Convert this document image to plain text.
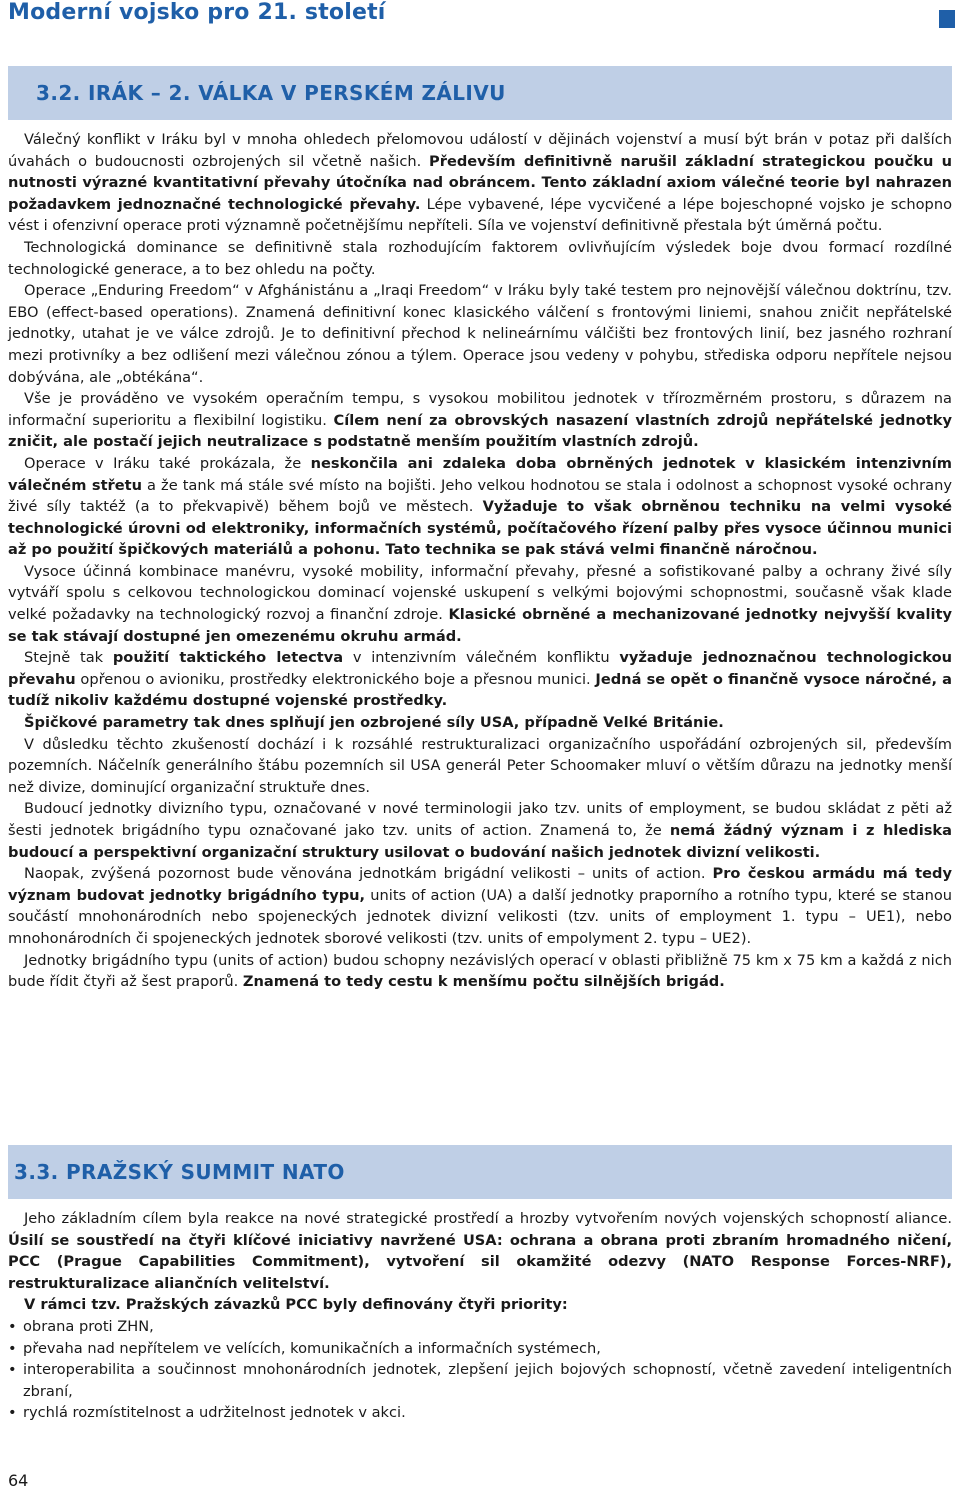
Moderní vojsko pro 21. století
3.2. IRÁK – 2. VÁLKA V PERSKÉM ZÁLIVU

Válečný konflikt v Iráku byl v mnoha ohledech přelomovou událostí v dějinách vojenství a musí být brán v potaz při dalších úvahách o budoucnosti ozbrojených sil včetně našich. Především definitivně narušil základní strategickou poučku u nutnosti výrazné kvantitativní převahy útočníka nad obráncem. Tento základní axiom válečné teorie byl nahrazen požadavkem jednoznačné technologické převahy. Lépe vybavené, lépe vycvičené a lépe bojeschopné vojsko je schopno vést i ofenzivní operace proti významně početnějšímu nepříteli. Síla ve vojenství definitivně přestala být úměrná počtu.

Technologická dominance se definitivně stala rozhodujícím faktorem ovlivňujícím výsledek boje dvou formací rozdílné technologické generace, a to bez ohledu na počty.

Operace „Enduring Freedom“ v Afghánistánu a „Iraqi Freedom“ v Iráku byly také testem pro nejnovější válečnou doktrínu, tzv. EBO (effect-based operations). Znamená definitivní konec klasického válčení s frontovými liniemi, snahou zničit nepřátelské jednotky, utahat je ve válce zdrojů. Je to definitivní přechod k nelineárnímu válčišti bez frontových linií, bez jasného rozhraní mezi protivníky a bez odlišení mezi válečnou zónou a týlem. Operace jsou vedeny v pohybu, střediska odporu nepřítele nejsou dobývána, ale „obtékána“.

Vše je prováděno ve vysokém operačním tempu, s vysokou mobilitou jednotek v třírozměrném prostoru, s důrazem na informační superioritu a flexibilní logistiku. Cílem není za obrovských nasazení vlastních zdrojů nepřátelské jednotky zničit, ale postačí jejich neutralizace s podstatně menším použitím vlastních zdrojů.

Operace v Iráku také prokázala, že neskončila ani zdaleka doba obrněných jednotek v klasickém intenzivním válečném střetu a že tank má stále své místo na bojišti. Jeho velkou hodnotou se stala i odolnost a schopnost vysoké ochrany živé síly taktéž (a to překvapivě) během bojů ve městech. Vyžaduje to však obrněnou techniku na velmi vysoké technologické úrovni od elektroniky, informačních systémů, počítačového řízení palby přes vysoce účinnou munici až po použití špičkových materiálů a pohonu. Tato technika se pak stává velmi finančně náročnou.

Vysoce účinná kombinace manévru, vysoké mobility, informační převahy, přesné a sofistikované palby a ochrany živé síly vytváří spolu s celkovou technologickou dominací vojenské uskupení s velkými bojovými schopnostmi, současně však klade velké požadavky na technologický rozvoj a finanční zdroje. Klasické obrněné a mechanizované jednotky nejvyšší kvality se tak stávají dostupné jen omezenému okruhu armád.

Stejně tak použití taktického letectva v intenzivním válečném konfliktu vyžaduje jednoznačnou technologickou převahu opřenou o avioniku, prostředky elektronického boje a přesnou munici. Jedná se opět o finančně vysoce náročné, a tudíž nikoliv každému dostupné vojenské prostředky.

Špičkové parametry tak dnes splňují jen ozbrojené síly USA, případně Velké Británie.

V důsledku těchto zkušeností dochází i k rozsáhlé restrukturalizaci organizačního uspořádání ozbrojených sil, především pozemních. Náčelník generálního štábu pozemních sil USA generál Peter Schoomaker mluví o větším důrazu na jednotky menší než divize, dominující organizační struktuře dnes.

Budoucí jednotky divizního typu, označované v nové terminologii jako tzv. units of employment, se budou skládat z pěti až šesti jednotek brigádního typu označované jako tzv. units of action. Znamená to, že nemá žádný význam i z hlediska budoucí a perspektivní organizační struktury usilovat o budování našich jednotek divizní velikosti.

Naopak, zvýšená pozornost bude věnována jednotkám brigádní velikosti – units of action. Pro českou armádu má tedy význam budovat jednotky brigádního typu, units of action (UA) a další jednotky praporního a rotního typu, které se stanou součástí mnohonárodních nebo spojeneckých jednotek divizní velikosti (tzv. units of employment 1. typu – UE1), nebo mnohonárodních či spojeneckých jednotek sborové velikosti (tzv. units of empolyment 2. typu – UE2).

Jednotky brigádního typu (units of action) budou schopny nezávislých operací v oblasti přibližně 75 km x 75 km a každá z nich bude řídit čtyři až šest praporů. Znamená to tedy cestu k menšímu počtu silnějších brigád.

3.3. PRAŽSKÝ SUMMIT NATO

Jeho základním cílem byla reakce na nové strategické prostředí a hrozby vytvořením nových vojenských schopností aliance. Úsilí se soustředí na čtyři klíčové iniciativy navržené USA: ochrana a obrana proti zbraním hromadného ničení, PCC (Prague Capabilities Commitment), vytvoření sil okamžité odezvy (NATO Response Forces-NRF), restrukturalizace aliančních velitelství.

V rámci tzv. Pražských závazků PCC byly definovány čtyři priority:

• obrana proti ZHN,
• převaha nad nepřítelem ve velících, komunikačních a informačních systémech,
• interoperabilita a součinnost mnohonárodních jednotek, zlepšení jejich bojových schopností, včetně zavedení inteligentních zbraní,
• rychlá rozmístitelnost a udržitelnost jednotek v akci.
64
